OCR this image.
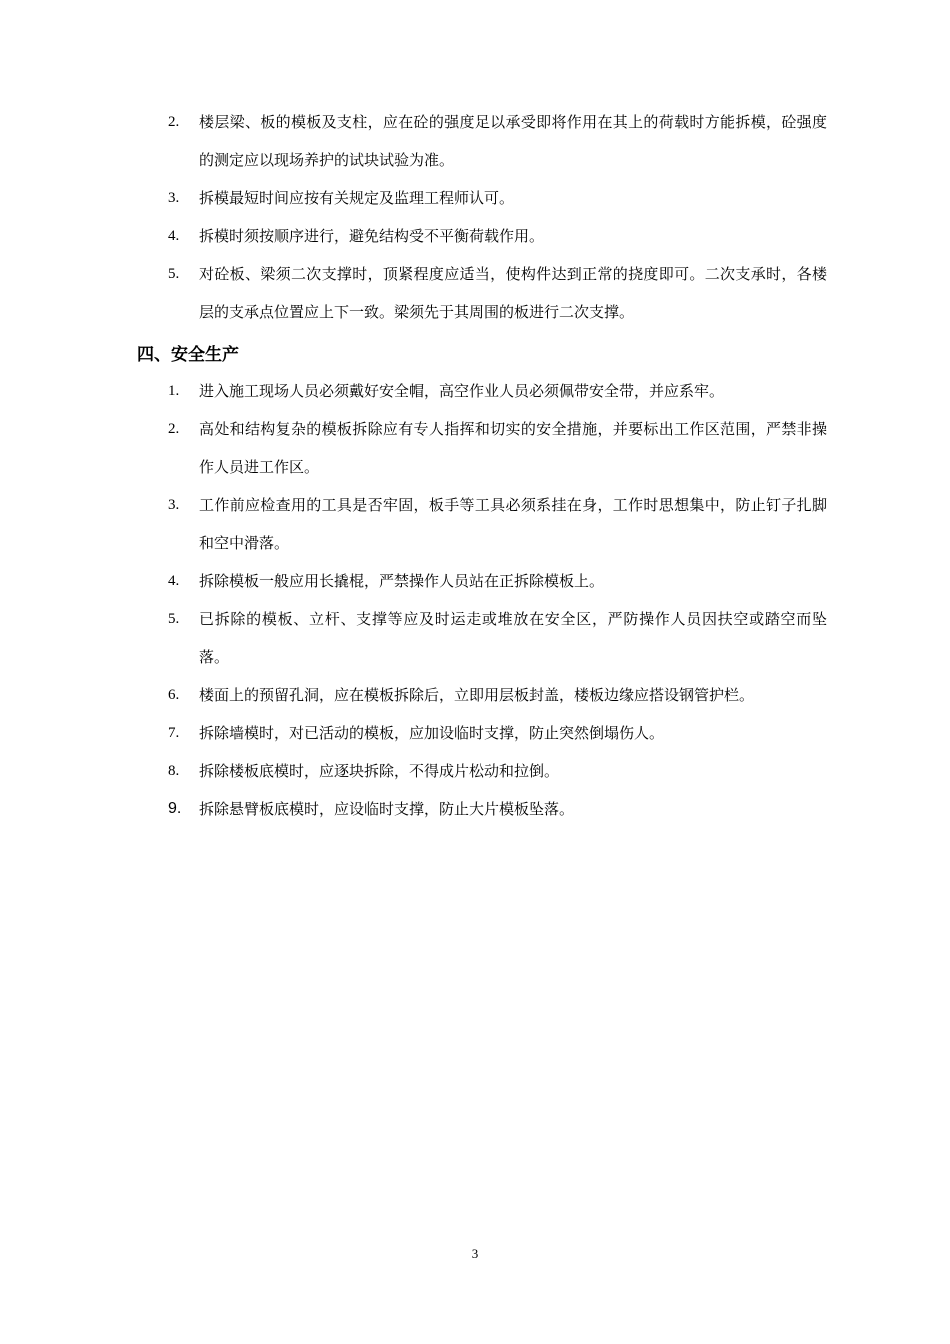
2. 楼层梁、板的模板及支柱，应在砼的强度足以承受即将作用在其上的荷载时方能拆模，砼强度的测定应以现场养护的试块试验为准。
3. 拆模最短时间应按有关规定及监理工程师认可。
4. 拆模时须按顺序进行，避免结构受不平衡荷载作用。
5. 对砼板、梁须二次支撑时，顶紧程度应适当，使构件达到正常的挠度即可。二次支承时，各楼层的支承点位置应上下一致。梁须先于其周围的板进行二次支撑。
四、安全生产
1. 进入施工现场人员必须戴好安全帽，高空作业人员必须佩带安全带，并应系牢。
2. 高处和结构复杂的模板拆除应有专人指挥和切实的安全措施，并要标出工作区范围，严禁非操作人员进工作区。
3. 工作前应检查用的工具是否牢固，板手等工具必须系挂在身，工作时思想集中，防止钉子扎脚和空中滑落。
4. 拆除模板一般应用长撬棍，严禁操作人员站在正拆除模板上。
5. 已拆除的模板、立杆、支撑等应及时运走或堆放在安全区，严防操作人员因扶空或踏空而坠落。
6. 楼面上的预留孔洞，应在模板拆除后，立即用层板封盖，楼板边缘应搭设钢管护栏。
7. 拆除墙模时，对已活动的模板，应加设临时支撑，防止突然倒塌伤人。
8. 拆除楼板底模时，应逐块拆除，不得成片松动和拉倒。
9. 拆除悬臂板底模时，应设临时支撑，防止大片模板坠落。
3
